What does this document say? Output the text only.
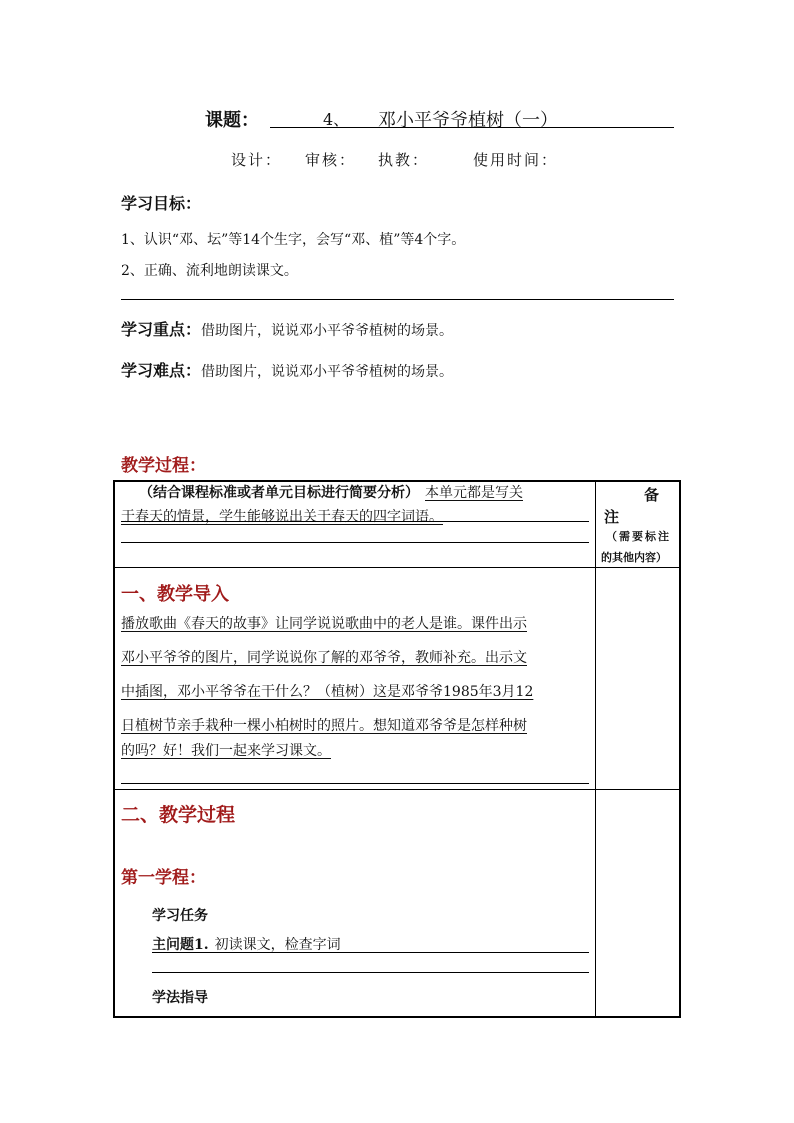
课题：	4、 邓小平爷爷植树（一）
设计： 审核： 执教：	使用时间：
学习目标：
1、认识“邓、坛”等14个生字，会写“邓、植”等4个字。
2、正确、流利地朗读课文。
学习重点：借助图片，说说邓小平爷爷植树的场景。
学习难点：借助图片，说说邓小平爷爷植树的场景。
教学过程：
（结合课程标准或者单元目标进行简要分析） 本单元都是写关
于春天的情景，学生能够说出关于春天的四字词语。
备
注
（需要标注
的其他内容）
一、教学导入
播放歌曲《春天的故事》让同学说说歌曲中的老人是谁。课件出示
邓小平爷爷的图片，同学说说你了解的邓爷爷，教师补充。出示文
中插图，邓小平爷爷在干什么？（植树）这是邓爷爷1985年3月12
日植树节亲手栽种一棵小柏树时的照片。想知道邓爷爷是怎样种树
的吗？好！我们一起来学习课文。
二、教学过程
第一学程：
学习任务
主问题1. 初读课文，检查字词
学法指导
